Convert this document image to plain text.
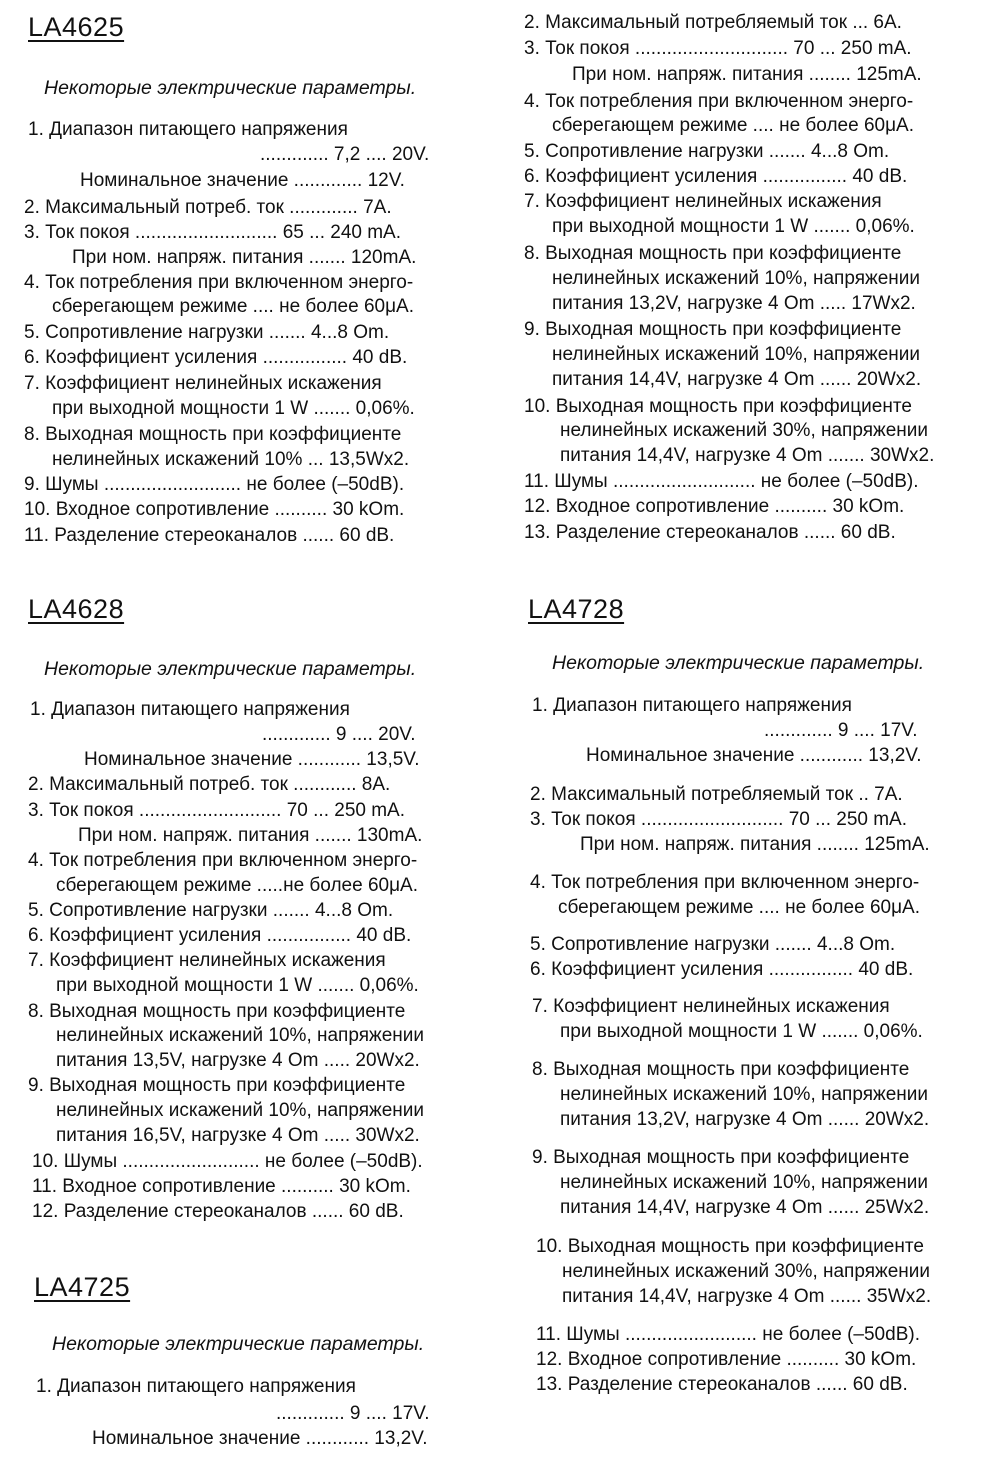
LA4625
Некоторые электрические параметры.
1. Диапазон питающего напряжения
............. 7,2 .... 20V.
Номинальное значение ............. 12V.
2. Максимальный потреб. ток ............. 7A.
3. Ток покоя ........................... 65 ... 240 mA.
При ном. напряж. питания ....... 120mA.
4. Ток потребления при включенном энерго-
сберегающем режиме .... не более 60μA.
5. Сопротивление нагрузки ....... 4...8 Om.
6. Коэффициент усиления ................ 40 dB.
7. Коэффициент нелинейных искажения
при выходной мощности 1 W ....... 0,06%.
8. Выходная мощность при коэффициенте
нелинейных искажений 10% ... 13,5Wx2.
9. Шумы .......................... не более (–50dB).
10. Входное сопротивление .......... 30 kOm.
11. Разделение стереоканалов ...... 60 dB.
2. Максимальный потребляемый ток ... 6A.
3. Ток покоя ............................. 70 ... 250 mA.
При ном. напряж. питания ........ 125mA.
4. Ток потребления при включенном энерго-
сберегающем режиме .... не более 60μA.
5. Сопротивление нагрузки ....... 4...8 Om.
6. Коэффициент усиления ................ 40 dB.
7. Коэффициент нелинейных искажения
при выходной мощности 1 W ....... 0,06%.
8. Выходная мощность при коэффициенте
нелинейных искажений 10%, напряжении
питания 13,2V, нагрузке 4 Om ..... 17Wx2.
9. Выходная мощность при коэффициенте
нелинейных искажений 10%, напряжении
питания 14,4V, нагрузке 4 Om ...... 20Wx2.
10. Выходная мощность при коэффициенте
нелинейных искажений 30%, напряжении
питания 14,4V, нагрузке 4 Om ....... 30Wx2.
11. Шумы ........................... не более (–50dB).
12. Входное сопротивление .......... 30 kOm.
13. Разделение стереоканалов ...... 60 dB.
LA4628
Некоторые электрические параметры.
1. Диапазон питающего напряжения
............. 9 .... 20V.
Номинальное значение ............ 13,5V.
2. Максимальный потреб. ток ............ 8A.
3. Ток покоя ........................... 70 ... 250 mA.
При ном. напряж. питания ....... 130mA.
4. Ток потребления при включенном энерго-
сберегающем режиме .....не более 60μA.
5. Сопротивление нагрузки ....... 4...8 Om.
6. Коэффициент усиления ................ 40 dB.
7. Коэффициент нелинейных искажения
при выходной мощности 1 W ....... 0,06%.
8. Выходная мощность при коэффициенте
нелинейных искажений 10%, напряжении
питания 13,5V, нагрузке 4 Om ..... 20Wx2.
9. Выходная мощность при коэффициенте
нелинейных искажений 10%, напряжении
питания 16,5V, нагрузке 4 Om ..... 30Wx2.
10. Шумы .......................... не более (–50dB).
11. Входное сопротивление .......... 30 kOm.
12. Разделение стереоканалов ...... 60 dB.
LA4725
Некоторые электрические параметры.
1. Диапазон питающего напряжения
............. 9 .... 17V.
Номинальное значение ............ 13,2V.
LA4728
Некоторые электрические параметры.
1. Диапазон питающего напряжения
............. 9 .... 17V.
Номинальное значение ............ 13,2V.
2. Максимальный потребляемый ток .. 7A.
3. Ток покоя ........................... 70 ... 250 mA.
При ном. напряж. питания ........ 125mA.
4. Ток потребления при включенном энерго-
сберегающем режиме .... не более 60μA.
5. Сопротивление нагрузки ....... 4...8 Om.
6. Коэффициент усиления ................ 40 dB.
7. Коэффициент нелинейных искажения
при выходной мощности 1 W ....... 0,06%.
8. Выходная мощность при коэффициенте
нелинейных искажений 10%, напряжении
питания 13,2V, нагрузке 4 Om ...... 20Wx2.
9. Выходная мощность при коэффициенте
нелинейных искажений 10%, напряжении
питания 14,4V, нагрузке 4 Om ...... 25Wx2.
10. Выходная мощность при коэффициенте
нелинейных искажений 30%, напряжении
питания 14,4V, нагрузке 4 Om ...... 35Wx2.
11. Шумы ......................... не более (–50dB).
12. Входное сопротивление .......... 30 kOm.
13. Разделение стереоканалов ...... 60 dB.
